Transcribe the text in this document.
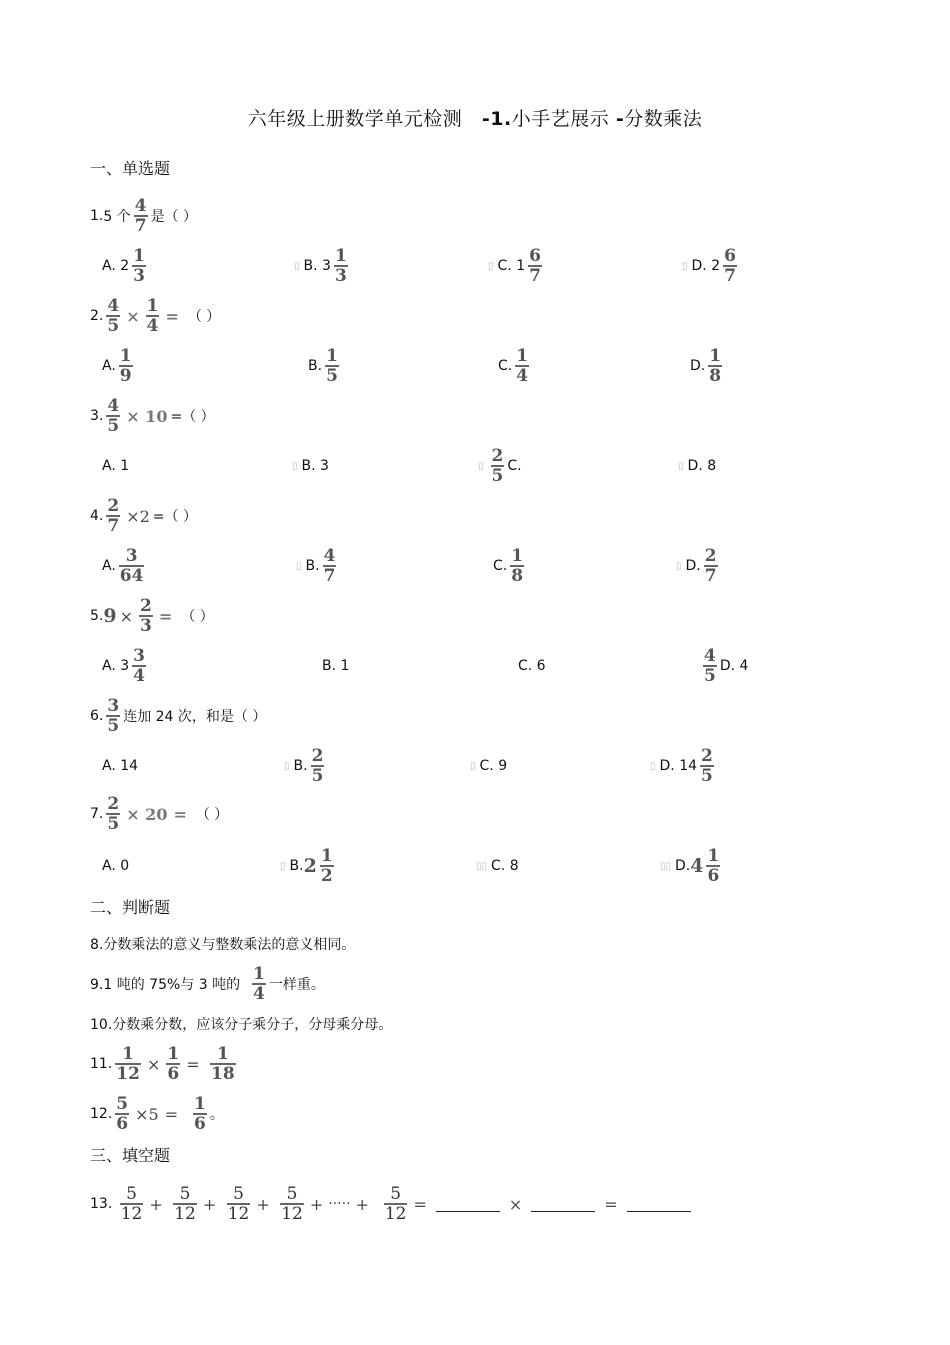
六年级上册数学单元检测 -1.小手艺展示 -分数乘法
一、单选题
1. 5 个 $\frac{4}{7}$ 是（ ）
A. $2 \frac{1}{3}$	▯ B. $3 \frac{1}{3}$	▯ C. $1 \frac{6}{7}$	▯ D. $2 \frac{6}{7}$
2. $\frac{4}{5} \times \frac{1}{4}$ = （ ）
A. $\frac{1}{9}$	B. $\frac{1}{5}$	C. $\frac{1}{4}$	D. $\frac{1}{8}$
3. $\frac{4}{5} \times 10$ =（ ）
A. 1	▯ B. 3	▯ $\frac{2}{5} C$.	▯ D. 8
4. $\frac{2}{7} \times 2$ =（ ）
A. $\frac{3}{64}$	▯ B. $\frac{4}{7}$	C. $\frac{1}{8}$	▯ D. $\frac{2}{7}$
5. $9 \times \frac{2}{3}$ = （ ）
A. $3 \frac{3}{4}$	B. 1	C. 6	$\frac{4}{5} D$. 4
6. $\frac{3}{5}$ 连加 24 次，和是（ ）
A. 14	▯ B. $\frac{2}{5}$	▯ C. 9	▯ D. $14 \frac{2}{5}$
7. $\frac{2}{5} \times 20$ = （ ）
A. 0	▯ B. $2 \frac{1}{2}$	▯▯ C. 8	▯▯ D. $4 \frac{1}{6}$
二、判断题
8.分数乘法的意义与整数乘法的意义相同。
9.1 吨的 75%与 3 吨的
$\frac{1}{4}$ 一样重。
10.分数乘分数，应该分子乘分子，分母乘分母。
11. $\frac{1}{12} \times \frac{1}{6}$ =
$\frac{1}{18}$
12. $\frac{5}{6} \times 5$ =
$\frac{1}{6}$ 。
三、填空题
13.
$\frac{5}{12}$ +
$\frac{5}{12}$ +
$\frac{5}{12}$ +
$\frac{5}{12}$ + ····· +
$\frac{5}{12}$ =	×	=
